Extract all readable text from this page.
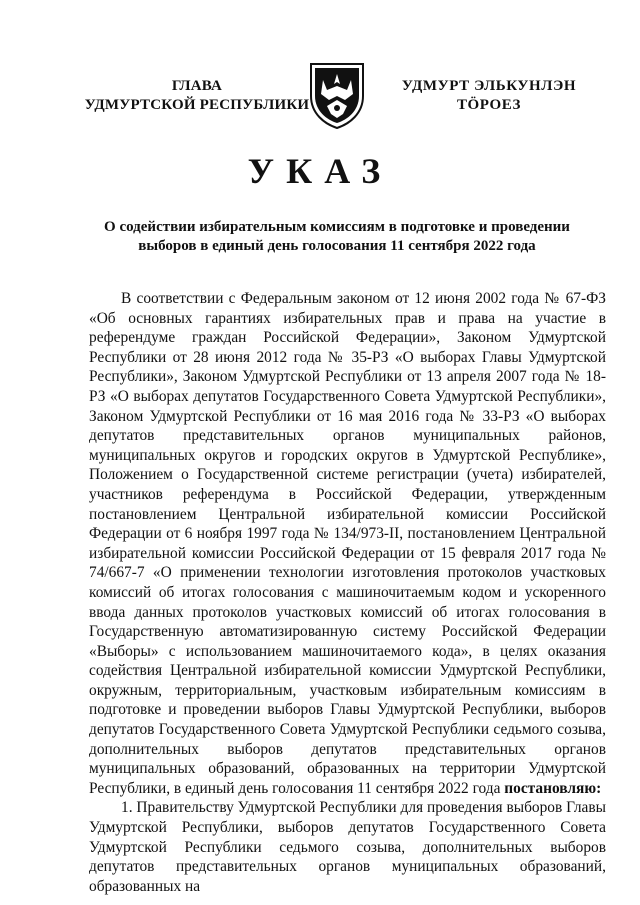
ГЛАВА
УДМУРТСКОЙ РЕСПУБЛИКИ
УДМУРТ ЭЛЬКУНЛЭН
ТӦРОЕЗ
УКАЗ
О содействии избирательным комиссиям в подготовке и проведении
выборов в единый день голосования 11 сентября 2022 года

В соответствии с Федеральным законом от 12 июня 2002 года № 67-ФЗ «Об основных гарантиях избирательных прав и права на участие в референдуме граждан Российской Федерации», Законом Удмуртской Республики от 28 июня 2012 года № 35-РЗ «О выборах Главы Удмуртской Республики», Законом Удмуртской Республики от 13 апреля 2007 года № 18-РЗ «О выборах депутатов Государственного Совета Удмуртской Республики», Законом Удмуртской Республики от 16 мая 2016 года № 33-РЗ «О выборах депутатов представительных органов муниципальных районов, муниципальных округов и городских округов в Удмуртской Республике», Положением о Государственной системе регистрации (учета) избирателей, участников референдума в Российской Федерации, утвержденным постановлением Центральной избирательной комиссии Российской Федерации от 6 ноября 1997 года № 134/973-II, постановлением Центральной избирательной комиссии Российской Федерации от 15 февраля 2017 года № 74/667-7 «О применении технологии изготовления протоколов участковых комиссий об итогах голосования с машиночитаемым кодом и ускоренного ввода данных протоколов участковых комиссий об итогах голосования в Государственную автоматизированную систему Российской Федерации «Выборы» с использованием машиночитаемого кода», в целях оказания содействия Центральной избирательной комиссии Удмуртской Республики, окружным, территориальным, участковым избирательным комиссиям в подготовке и проведении выборов Главы Удмуртской Республики, выборов депутатов Государственного Совета Удмуртской Республики седьмого созыва, дополнительных выборов депутатов представительных органов муниципальных образований, образованных на территории Удмуртской Республики, в единый день голосования 11 сентября 2022 года постановляю:

1. Правительству Удмуртской Республики для проведения выборов Главы Удмуртской Республики, выборов депутатов Государственного Совета Удмуртской Республики седьмого созыва, дополнительных выборов депутатов представительных органов муниципальных образований, образованных на
